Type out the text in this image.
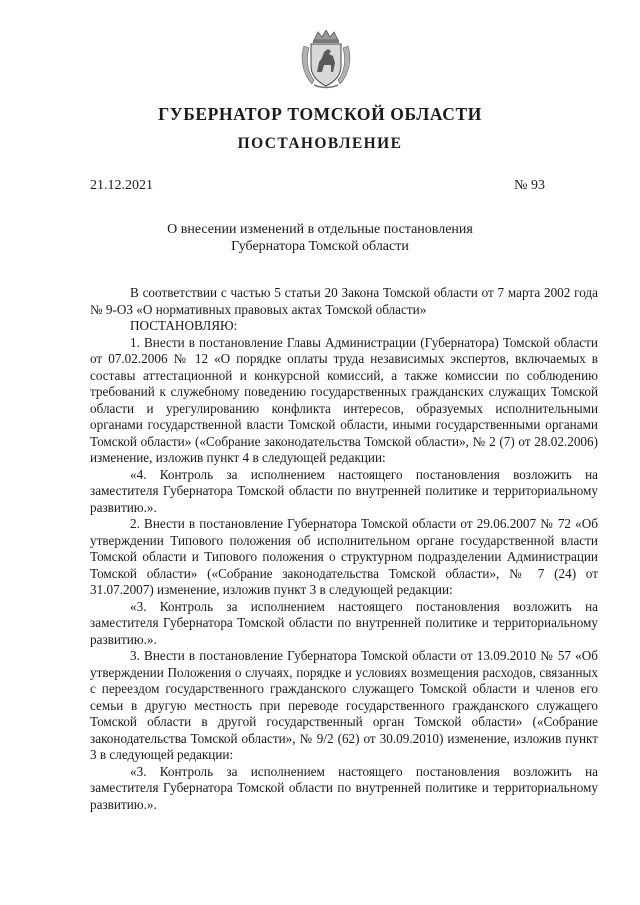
ГУБЕРНАТОР ТОМСКОЙ ОБЛАСТИ
ПОСТАНОВЛЕНИЕ
21.12.2021	№ 93
О внесении изменений в отдельные постановления
Губернатора Томской области

В соответствии с частью 5 статьи 20 Закона Томской области от 7 марта 2002 года № 9-ОЗ «О нормативных правовых актах Томской области»

ПОСТАНОВЛЯЮ:

1. Внести в постановление Главы Администрации (Губернатора) Томской области от 07.02.2006 № 12 «О порядке оплаты труда независимых экспертов, включаемых в составы аттестационной и конкурсной комиссий, а также комиссии по соблюдению требований к служебному поведению государственных гражданских служащих Томской области и урегулированию конфликта интересов, образуемых исполнительными органами государственной власти Томской области, иными государственными органами Томской области» («Собрание законодательства Томской области», № 2 (7) от 28.02.2006) изменение, изложив пункт 4 в следующей редакции:

«4. Контроль за исполнением настоящего постановления возложить на заместителя Губернатора Томской области по внутренней политике и территориальному развитию.».

2. Внести в постановление Губернатора Томской области от 29.06.2007 № 72 «Об утверждении Типового положения об исполнительном органе государственной власти Томской области и Типового положения о структурном подразделении Администрации Томской области» («Собрание законодательства Томской области», № 7 (24) от 31.07.2007) изменение, изложив пункт 3 в следующей редакции:

«3. Контроль за исполнением настоящего постановления возложить на заместителя Губернатора Томской области по внутренней политике и территориальному развитию.».

3. Внести в постановление Губернатора Томской области от 13.09.2010 № 57 «Об утверждении Положения о случаях, порядке и условиях возмещения расходов, связанных с переездом государственного гражданского служащего Томской области и членов его семьи в другую местность при переводе государственного гражданского служащего Томской области в другой государственный орган Томской области» («Собрание законодательства Томской области», № 9/2 (62) от 30.09.2010) изменение, изложив пункт 3 в следующей редакции:

«3. Контроль за исполнением настоящего постановления возложить на заместителя Губернатора Томской области по внутренней политике и территориальному развитию.».
